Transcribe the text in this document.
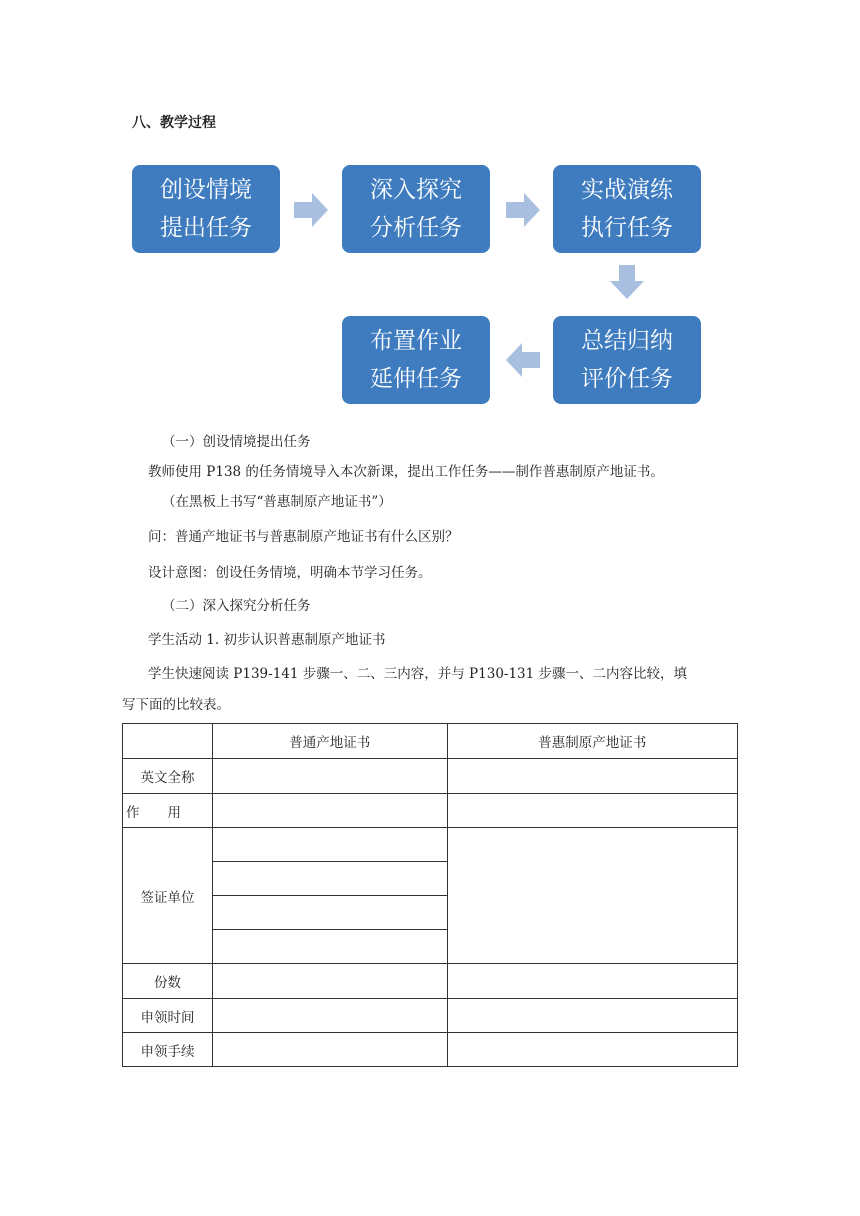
八、教学过程
创设情境
提出任务
深入探究
分析任务
实战演练
执行任务
总结归纳
评价任务
布置作业
延伸任务
（一）创设情境提出任务
教师使用 P138 的任务情境导入本次新课，提出工作任务——制作普惠制原产地证书。
（在黑板上书写“普惠制原产地证书”）
问：普通产地证书与普惠制原产地证书有什么区别？
设计意图：创设任务情境，明确本节学习任务。
（二）深入探究分析任务
学生活动 1. 初步认识普惠制原产地证书
学生快速阅读 P139-141 步骤一、二、三内容，并与 P130-131 步骤一、二内容比较，填
写下面的比较表。
	普通产地证书	普惠制原产地证书
英文全称		
作用		
签证单位		

份数		
申领时间		
申领手续		
